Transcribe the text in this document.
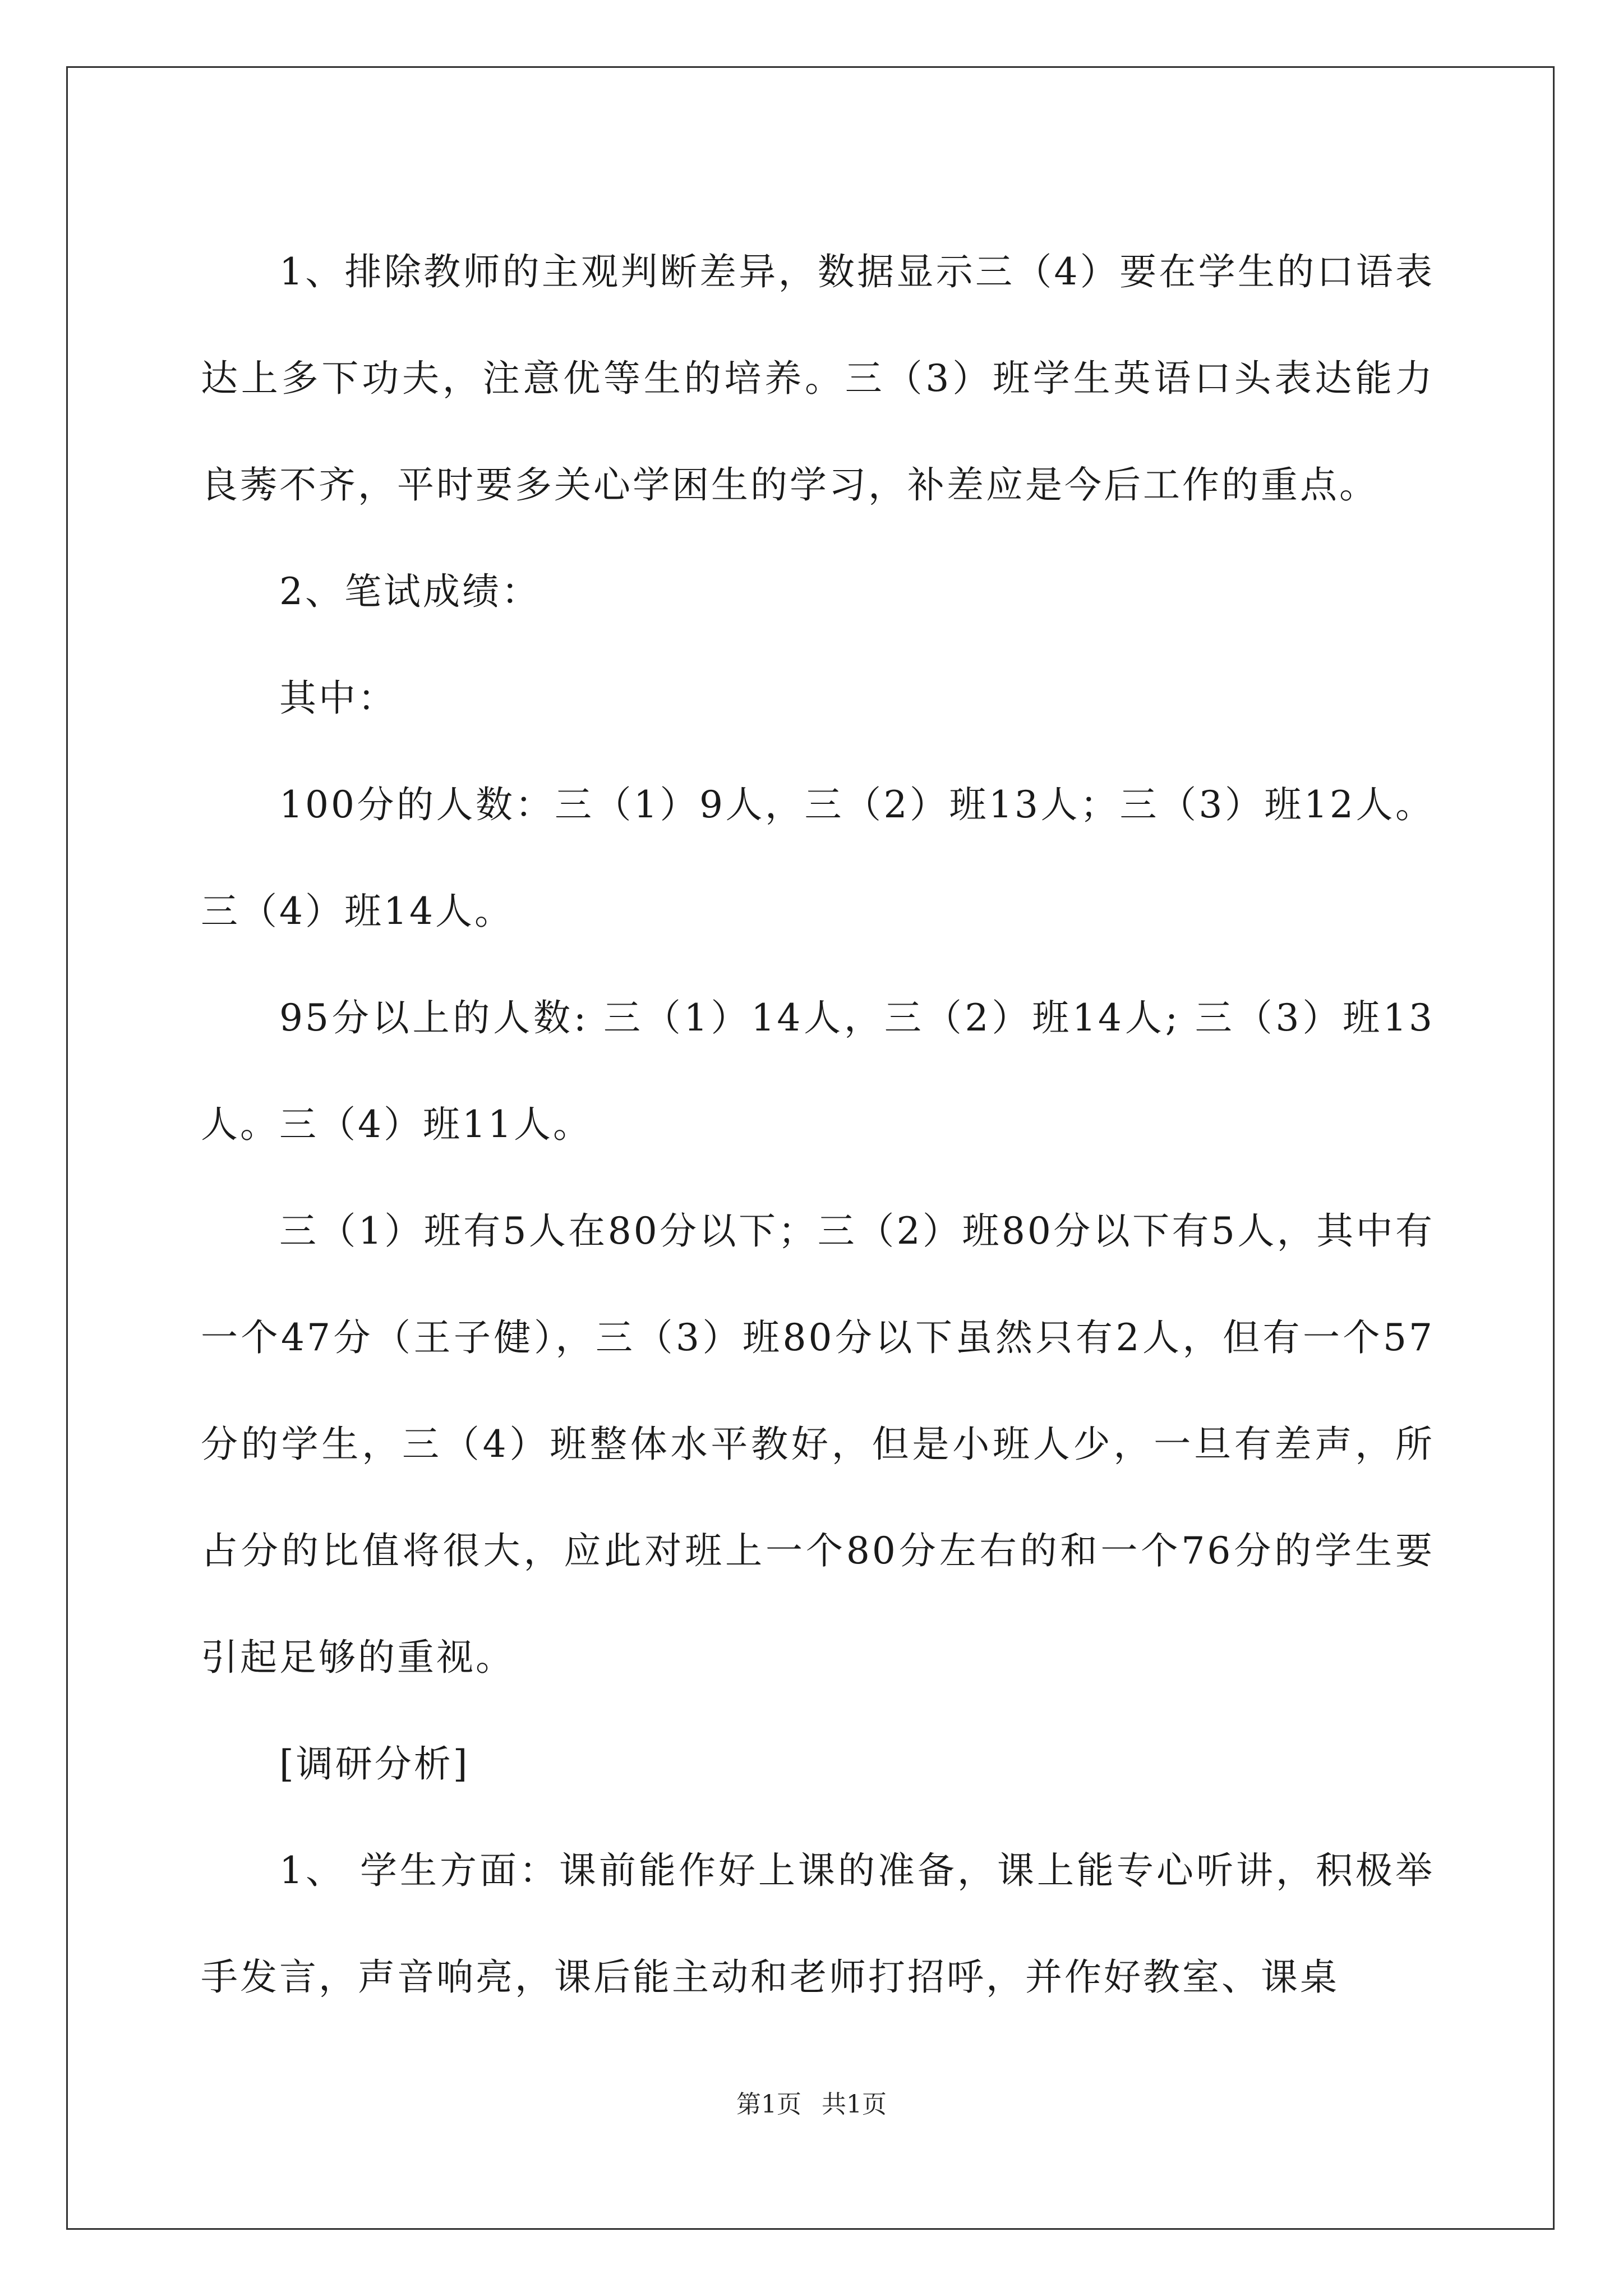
1、排除教师的主观判断差异，数据显示三（4）要在学生的口语表达上多下功夫，注意优等生的培养。三（3）班学生英语口头表达能力良莠不齐，平时要多关心学困生的学习，补差应是今后工作的重点。

2、笔试成绩：

其中：

100分的人数：三（1）9人，三（2）班13人；三（3）班12人。三（4）班14人。

95分以上的人数: 三（1）14人，三（2）班14人; 三（3）班13人。三（4）班11人。

三（1）班有5人在80分以下；三（2）班80分以下有5人，其中有一个47分（王子健），三（3）班80分以下虽然只有2人，但有一个57分的学生，三（4）班整体水平教好，但是小班人少，一旦有差声，所占分的比值将很大，应此对班上一个80分左右的和一个76分的学生要引起足够的重视。

[调研分析]

1、 学生方面：课前能作好上课的准备，课上能专心听讲，积极举手发言，声音响亮，课后能主动和老师打招呼，并作好教室、课桌

第1页 共1页
